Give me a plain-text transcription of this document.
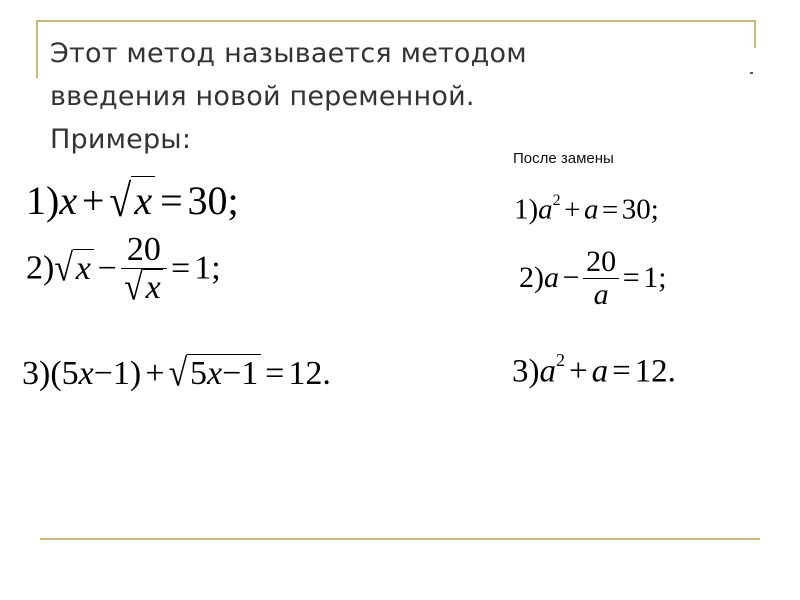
Этот метод называется методом
введения новой переменной.
Примеры:
После замены
1)x + √x = 30;
$2)√x - \frac{20}{√x} = 1$;
3)(5x−1) + √5x−1 = 12.
$1)a^2 + a = 30$;
$2)a - \frac{20}{a} = 1$;
$3)a^2 + a = 12$.
